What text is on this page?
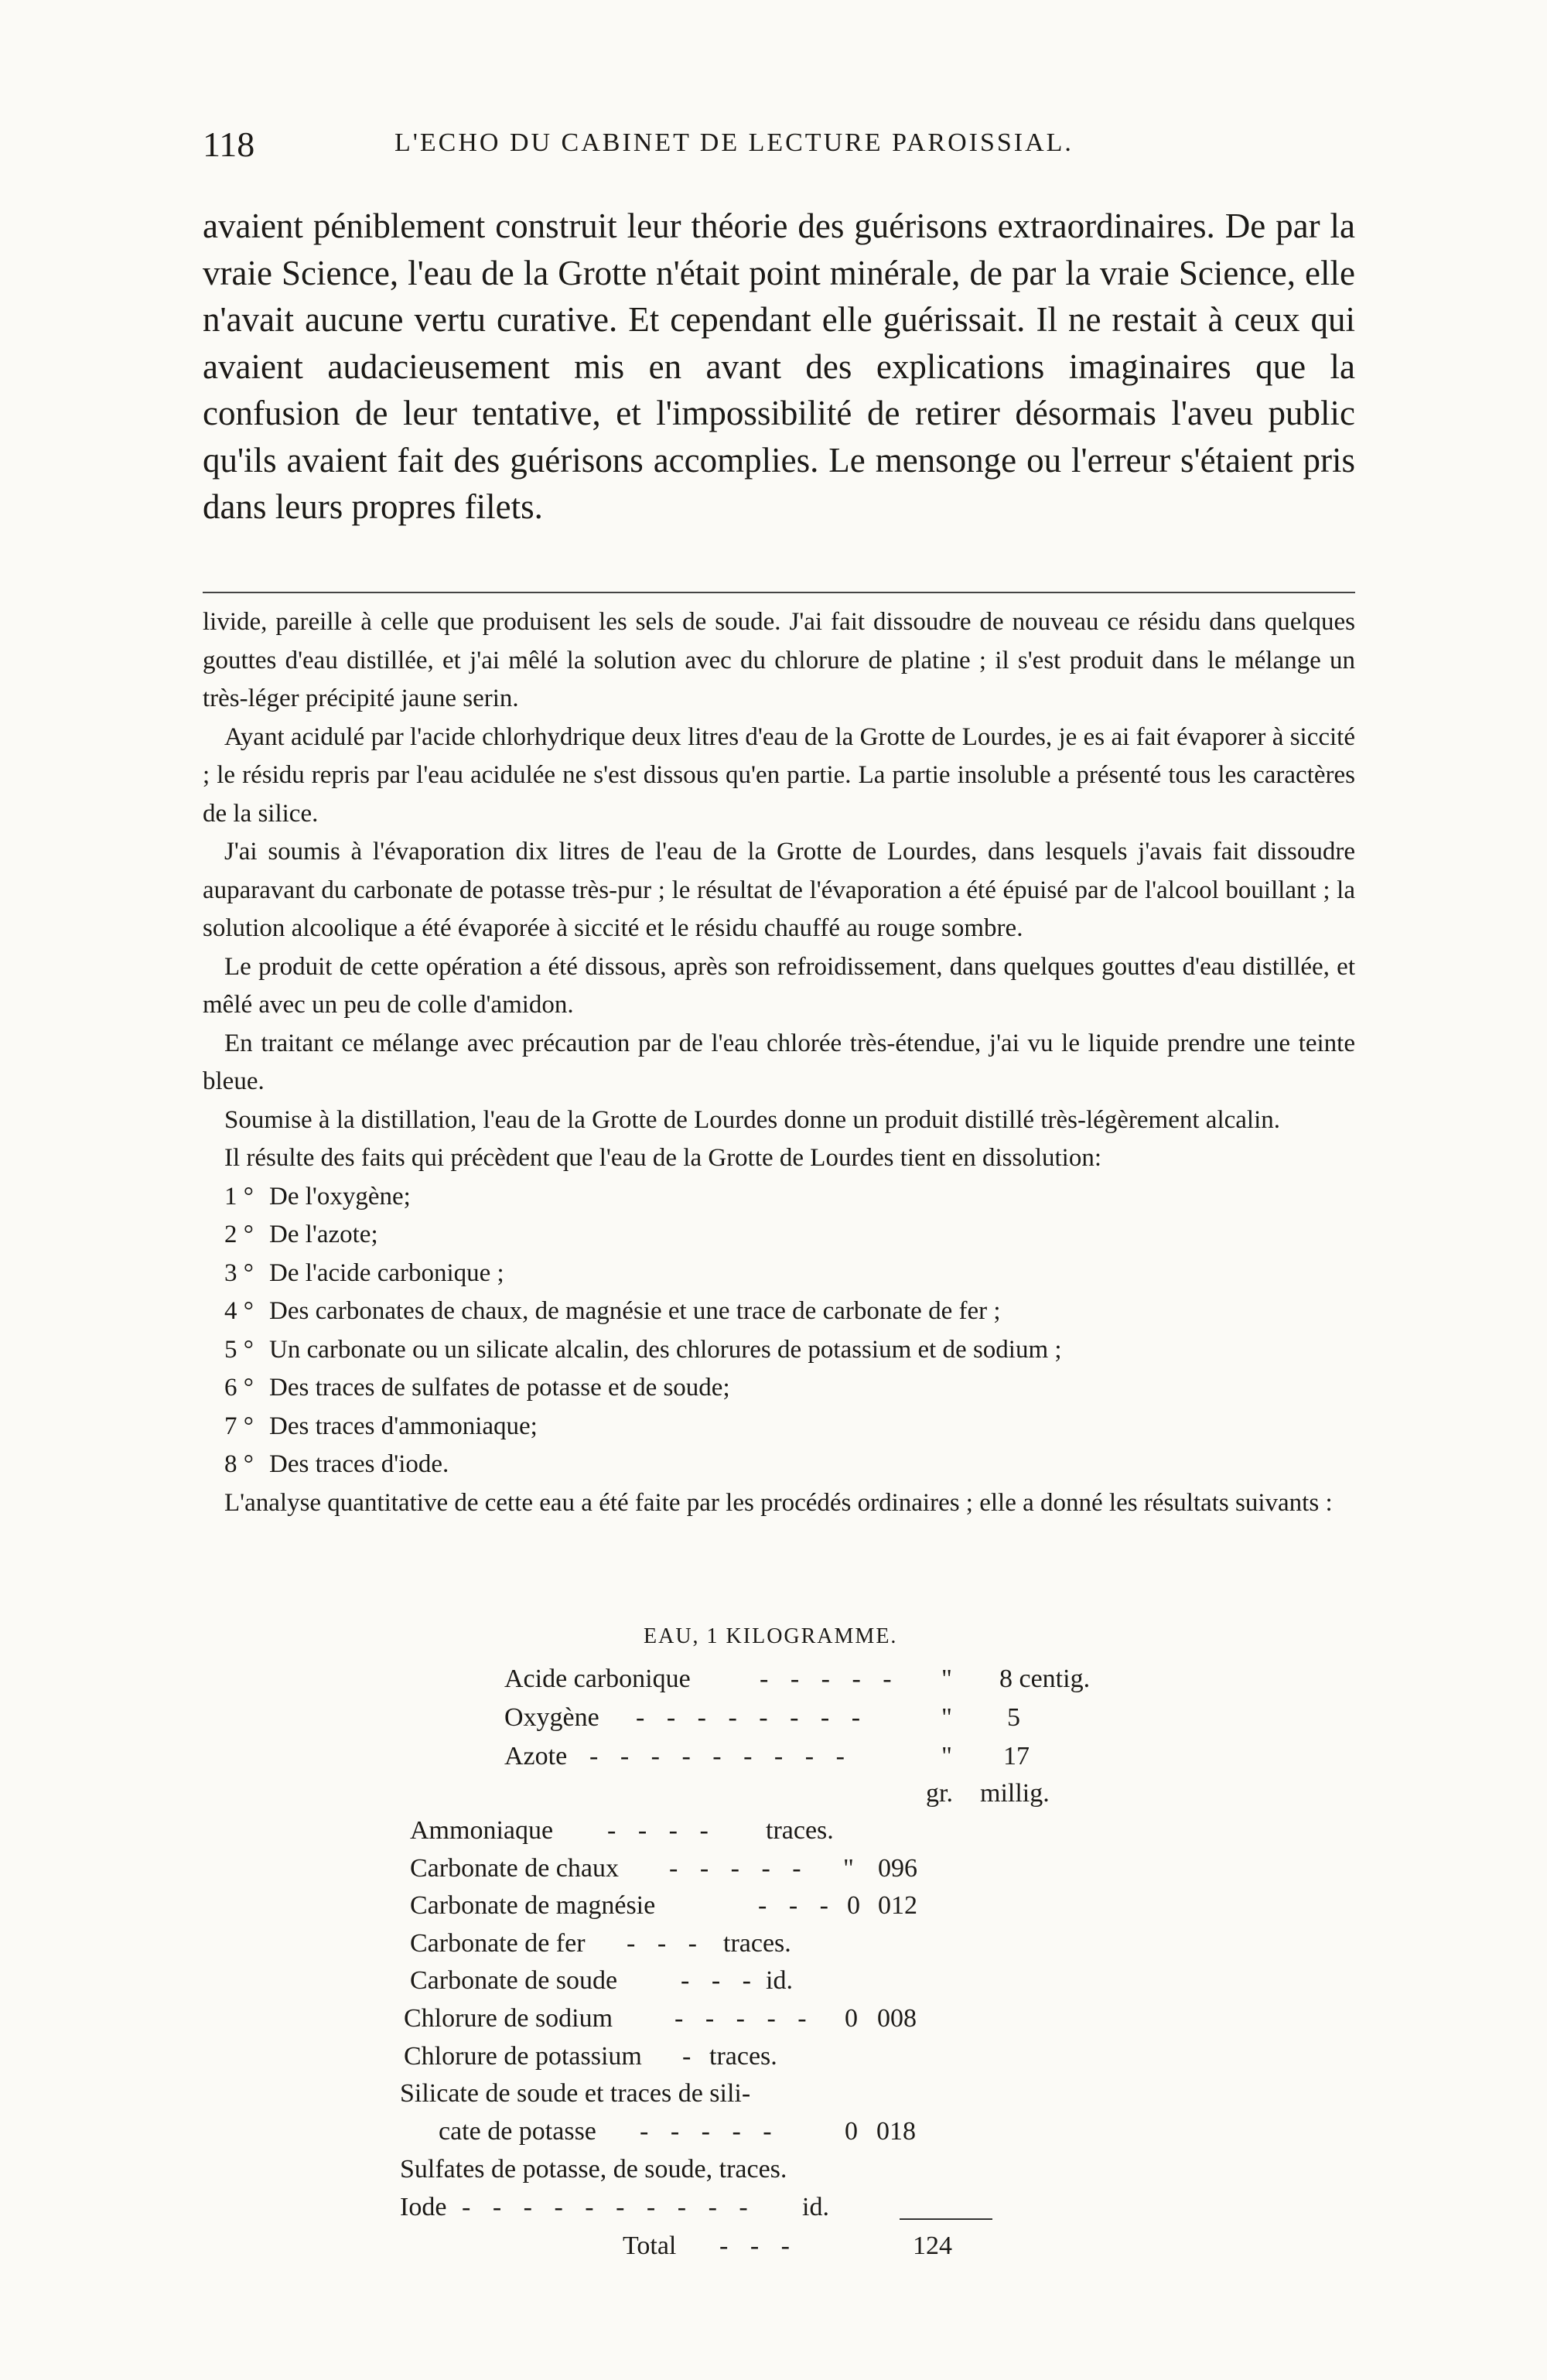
118	L'ECHO DU CABINET DE LECTURE PAROISSIAL.

avaient péniblement construit leur théorie des guérisons extraordinaires. De par la vraie Science, l'eau de la Grotte n'était point minérale, de par la vraie Science, elle n'avait aucune vertu curative. Et cependant elle guérissait. Il ne restait à ceux qui avaient audacieusement mis en avant des explications imaginaires que la confusion de leur tentative, et l'impossibilité de retirer désormais l'aveu public qu'ils avaient fait des guérisons accomplies. Le mensonge ou l'erreur s'étaient pris dans leurs propres filets.

livide, pareille à celle que produisent les sels de soude. J'ai fait dissoudre de nouveau ce résidu dans quelques gouttes d'eau distillée, et j'ai mêlé la solution avec du chlorure de platine ; il s'est produit dans le mélange un très-léger précipité jaune serin.

Ayant acidulé par l'acide chlorhydrique deux litres d'eau de la Grotte de Lourdes, je es ai fait évaporer à siccité ; le résidu repris par l'eau acidulée ne s'est dissous qu'en partie. La partie insoluble a présenté tous les caractères de la silice.

J'ai soumis à l'évaporation dix litres de l'eau de la Grotte de Lourdes, dans lesquels j'avais fait dissoudre auparavant du carbonate de potasse très-pur ; le résultat de l'évaporation a été épuisé par de l'alcool bouillant ; la solution alcoolique a été évaporée à siccité et le résidu chauffé au rouge sombre.

Le produit de cette opération a été dissous, après son refroidissement, dans quelques gouttes d'eau distillée, et mêlé avec un peu de colle d'amidon.

En traitant ce mélange avec précaution par de l'eau chlorée très-étendue, j'ai vu le liquide prendre une teinte bleue.

Soumise à la distillation, l'eau de la Grotte de Lourdes donne un produit distillé très-légèrement alcalin.

Il résulte des faits qui précèdent que l'eau de la Grotte de Lourdes tient en dissolution:

1 ° De l'oxygène;
2 ° De l'azote;
3 ° De l'acide carbonique ;
4 ° Des carbonates de chaux, de magnésie et une trace de carbonate de fer ;
5 ° Un carbonate ou un silicate alcalin, des chlorures de potassium et de sodium ;
6 ° Des traces de sulfates de potasse et de soude;
7 ° Des traces d'ammoniaque;
8 ° Des traces d'iode.

L'analyse quantitative de cette eau a été faite par les procédés ordinaires ; elle a donné les résultats suivants :

EAU, 1 KILOGRAMME.
Acide carbonique	- - - - - " 8 centig.
Oxygène - - - - - - - -	" 5
Azote - - - - - - - - -	" 17
gr. millig.
Ammoniaque - - - - traces.
Carbonate de chaux - - - - - " 096
Carbonate de magnésie	- - - 0 012
Carbonate de fer - - - traces.
Carbonate de soude - - - id.
Chlorure de sodium - - - - - 0 008
Chlorure de potassium - traces.
Silicate de soude et traces de sili-
cate de potasse - - - - - 0 018
Sulfates de potasse, de soude, traces.
Iode - - - - - - - - - - id.
Total - - -	124
